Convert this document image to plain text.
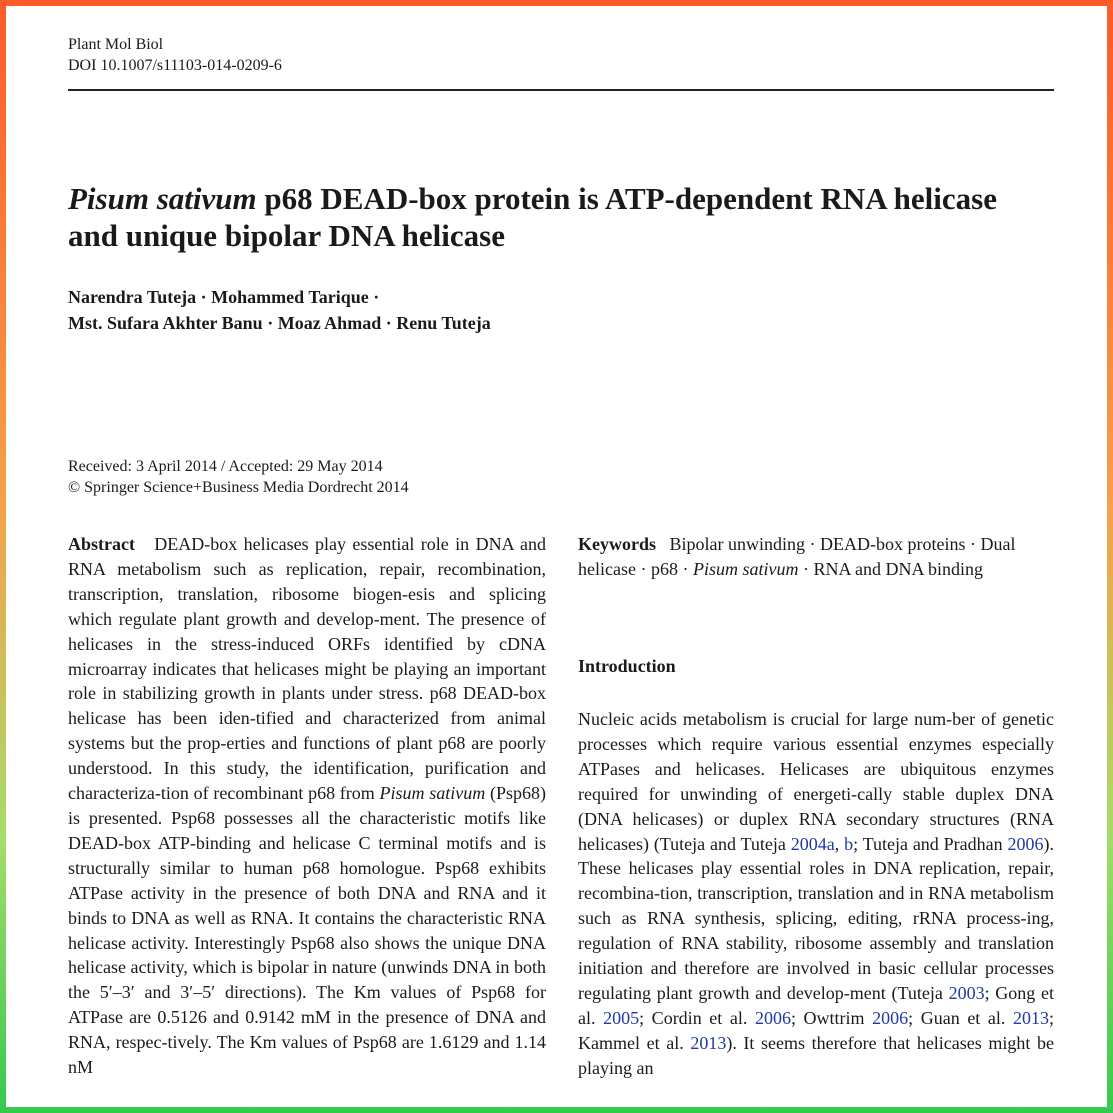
Plant Mol Biol
DOI 10.1007/s11103-014-0209-6
Pisum sativum p68 DEAD-box protein is ATP-dependent RNA helicase and unique bipolar DNA helicase
Narendra Tuteja · Mohammed Tarique ·
Mst. Sufara Akhter Banu · Moaz Ahmad · Renu Tuteja
Received: 3 April 2014 / Accepted: 29 May 2014
© Springer Science+Business Media Dordrecht 2014
Abstract DEAD-box helicases play essential role in DNA and RNA metabolism such as replication, repair, recombination, transcription, translation, ribosome biogen-esis and splicing which regulate plant growth and develop-ment. The presence of helicases in the stress-induced ORFs identified by cDNA microarray indicates that helicases might be playing an important role in stabilizing growth in plants under stress. p68 DEAD-box helicase has been iden-tified and characterized from animal systems but the prop-erties and functions of plant p68 are poorly understood. In this study, the identification, purification and characteriza-tion of recombinant p68 from Pisum sativum (Psp68) is presented. Psp68 possesses all the characteristic motifs like DEAD-box ATP-binding and helicase C terminal motifs and is structurally similar to human p68 homologue. Psp68 exhibits ATPase activity in the presence of both DNA and RNA and it binds to DNA as well as RNA. It contains the characteristic RNA helicase activity. Interestingly Psp68 also shows the unique DNA helicase activity, which is bipolar in nature (unwinds DNA in both the 5′–3′ and 3′–5′ directions). The Km values of Psp68 for ATPase are 0.5126 and 0.9142 mM in the presence of DNA and RNA, respec-tively. The Km values of Psp68 are 1.6129 and 1.14 nM
Keywords Bipolar unwinding · DEAD-box proteins · Dual helicase · p68 · Pisum sativum · RNA and DNA binding
Introduction
Nucleic acids metabolism is crucial for large num-ber of genetic processes which require various essential enzymes especially ATPases and helicases. Helicases are ubiquitous enzymes required for unwinding of energeti-cally stable duplex DNA (DNA helicases) or duplex RNA secondary structures (RNA helicases) (Tuteja and Tuteja 2004a, b; Tuteja and Pradhan 2006). These helicases play essential roles in DNA replication, repair, recombina-tion, transcription, translation and in RNA metabolism such as RNA synthesis, splicing, editing, rRNA process-ing, regulation of RNA stability, ribosome assembly and translation initiation and therefore are involved in basic cellular processes regulating plant growth and develop-ment (Tuteja 2003; Gong et al. 2005; Cordin et al. 2006; Owttrim 2006; Guan et al. 2013; Kammel et al. 2013). It seems therefore that helicases might be playing an
